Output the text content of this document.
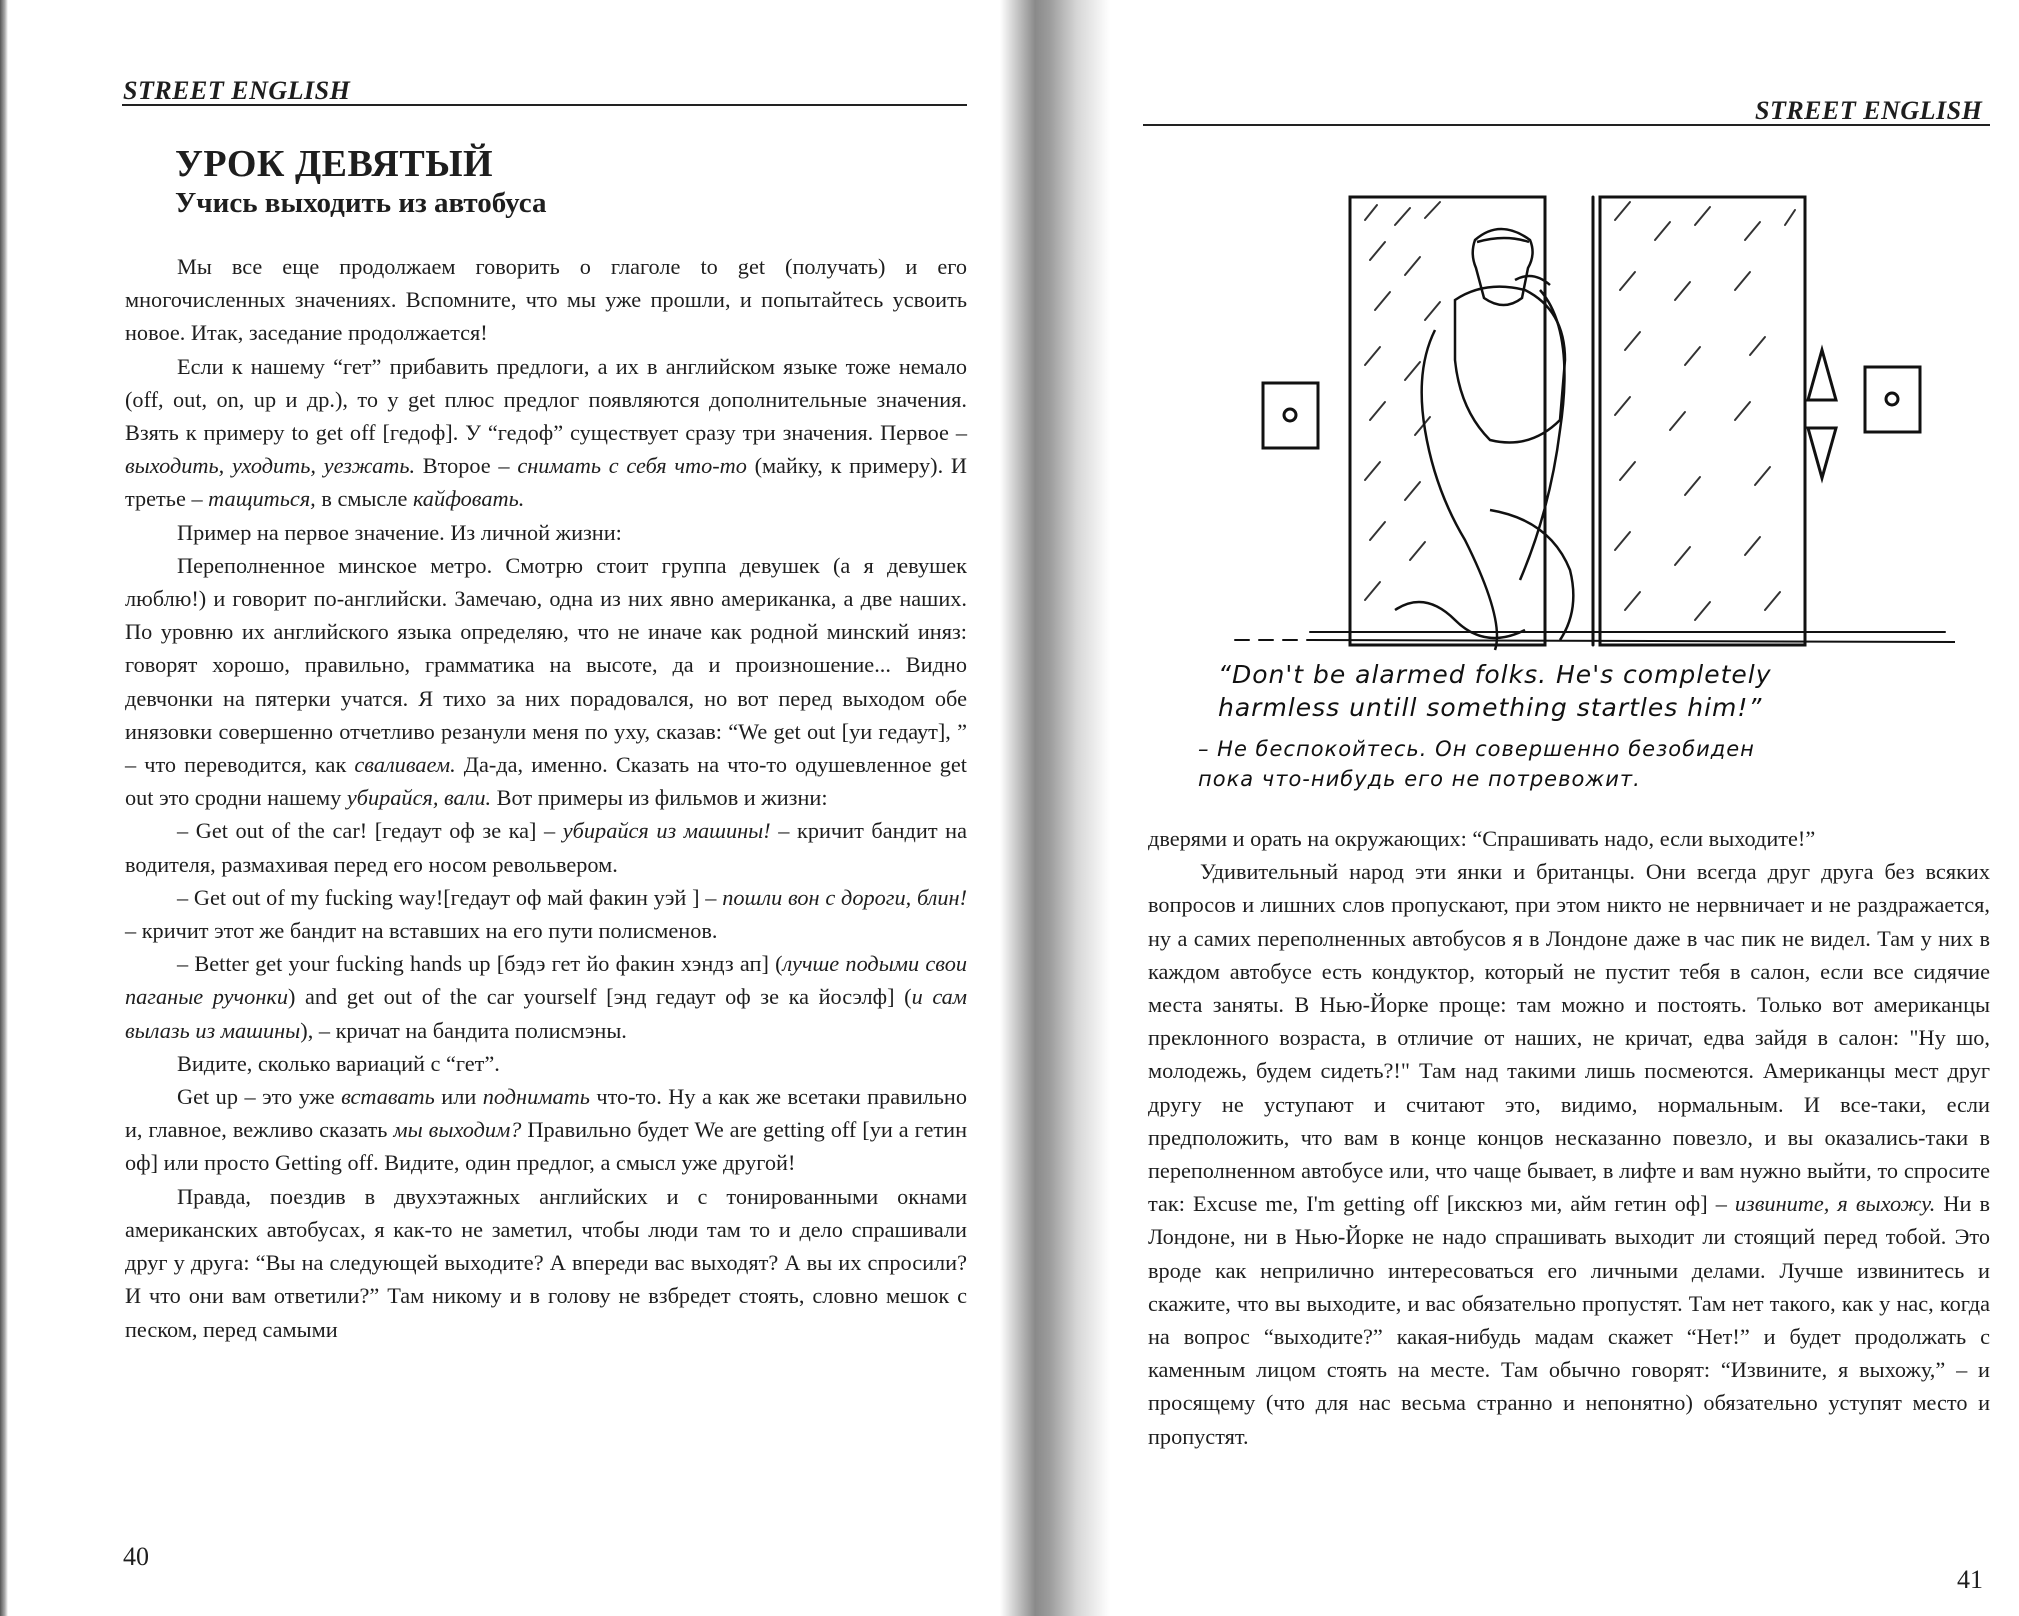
STREET ENGLISH
УРОК ДЕВЯТЫЙ
Учись выходить из автобуса

Мы все еще продолжаем говорить о глаголе to get (получать) и его многочисленных значениях. Вспомните, что мы уже прошли, и попытайтесь усвоить новое. Итак, заседание продолжается!

Если к нашему “гет” прибавить предлоги, а их в английском языке тоже немало (off, out, on, up и др.), то у get плюс предлог появляются дополнительные значения. Взять к примеру to get off [гедоф]. У “гедоф” существует сразу три значения. Первое – выходить, уходить, уезжать. Второе – снимать с себя что-то (майку, к примеру). И третье – тащиться, в смысле кайфовать.

Пример на первое значение. Из личной жизни:

Переполненное минское метро. Смотрю стоит группа девушек (а я девушек люблю!) и говорит по-английски. Замечаю, одна из них явно американка, а две наших. По уровню их английского языка определяю, что не иначе как родной минский иняз: говорят хорошо, правильно, грамматика на высоте, да и произношение... Видно девчонки на пятерки учатся. Я тихо за них порадовался, но вот перед выходом обе инязовки совершенно отчетливо резанули меня по уху, сказав: “We get out [уи гедаут], ” – что переводится, как сваливаем. Да-да, именно. Сказать на что-то одушевленное get out это сродни нашему убирайся, вали. Вот примеры из фильмов и жизни:

– Get out of the car! [гедаут оф зе ка] – убирайся из машины! – кричит бандит на водителя, размахивая перед его носом револьвером.

– Get out of my fucking way![гедаут оф май факин уэй ] – пошли вон с дороги, блин! – кричит этот же бандит на вставших на его пути полисменов.

– Better get your fucking hands up [бэдэ гет йо факин хэндз ап] (лучше подыми свои паганые ручонки) and get out of the car yourself [энд гедаут оф зе ка йосэлф] (и сам вылазь из машины), – кричат на бандита полисмэны.

Видите, сколько вариаций с “гет”.

Get up – это уже вставать или поднимать что-то. Ну а как же всетаки правильно и, главное, вежливо сказать мы выходим? Правильно будет We are getting off [уи а гетин оф] или просто Getting off. Видите, один предлог, а смысл уже другой!

Правда, поездив в двухэтажных английских и с тонированными окнами американских автобусах, я как-то не заметил, чтобы люди там то и дело спрашивали друг у друга: “Вы на следующей выходите? А впереди вас выходят? А вы их спросили? И что они вам ответили?” Там никому и в голову не взбредет стоять, словно мешок с песком, перед самыми

40
STREET ENGLISH
“Don't be alarmed folks. He's completely
harmless untill something startles him!”
– Не беспокойтесь. Он совершенно безобиден
пока что-нибудь его не потревожит.

дверями и орать на окружающих: “Спрашивать надо, если выходите!”

Удивительный народ эти янки и британцы. Они всегда друг друга без всяких вопросов и лишних слов пропускают, при этом никто не нервничает и не раздражается, ну а самих переполненных автобусов я в Лондоне даже в час пик не видел. Там у них в каждом автобусе есть кондуктор, который не пустит тебя в салон, если все сидячие места заняты. В Нью-Йорке проще: там можно и постоять. Только вот американцы преклонного возраста, в отличие от наших, не кричат, едва зайдя в салон: "Ну шо, молодежь, будем сидеть?!" Там над такими лишь посмеются. Американцы мест друг другу не уступают и считают это, видимо, нормальным. И все-таки, если предположить, что вам в конце концов несказанно повезло, и вы оказались-таки в переполненном автобусе или, что чаще бывает, в лифте и вам нужно выйти, то спросите так: Excuse me, I'm getting off [икскюз ми, айм гетин оф] – извините, я выхожу. Ни в Лондоне, ни в Нью-Йорке не надо спрашивать выходит ли стоящий перед тобой. Это вроде как неприлично интересоваться его личными делами. Лучше извинитесь и скажите, что вы выходите, и вас обязательно пропустят. Там нет такого, как у нас, когда на вопрос “выходите?” какая-нибудь мадам скажет “Нет!” и будет продолжать с каменным лицом стоять на месте. Там обычно говорят: “Извините, я выхожу,” – и просящему (что для нас весьма странно и непонятно) обязательно уступят место и пропустят.

41
